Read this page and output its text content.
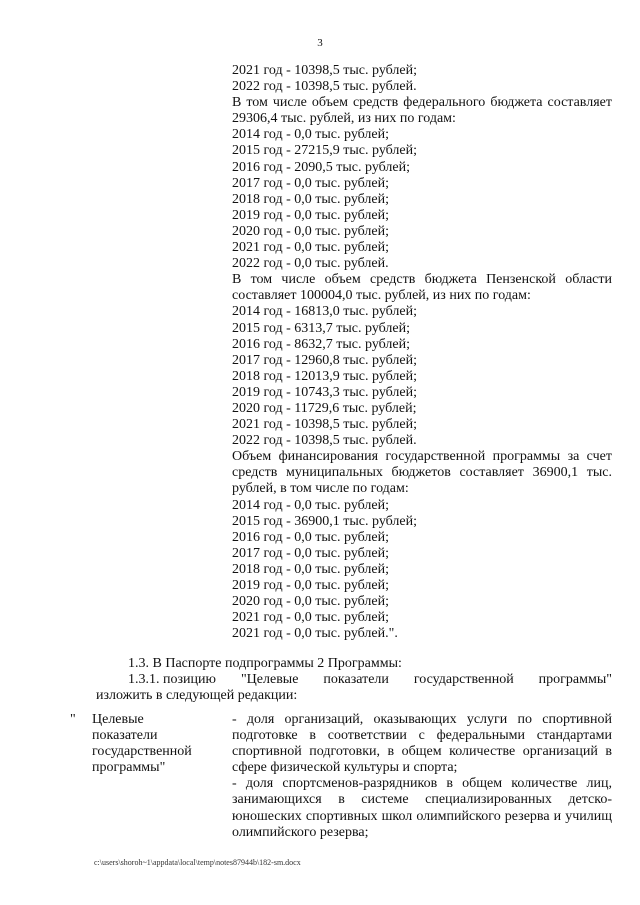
3
2021 год - 10398,5 тыс. рублей;
2022 год - 10398,5 тыс. рублей.
В том числе объем средств федерального бюджета составляет 29306,4 тыс. рублей, из них по годам:
2014 год - 0,0 тыс. рублей;
2015 год - 27215,9 тыс. рублей;
2016 год - 2090,5 тыс. рублей;
2017 год - 0,0 тыс. рублей;
2018 год - 0,0 тыс. рублей;
2019 год - 0,0 тыс. рублей;
2020 год - 0,0 тыс. рублей;
2021 год - 0,0 тыс. рублей;
2022 год - 0,0 тыс. рублей.
В том числе объем средств бюджета Пензенской области составляет 100004,0 тыс. рублей, из них по годам:
2014 год - 16813,0 тыс. рублей;
2015 год - 6313,7 тыс. рублей;
2016 год - 8632,7 тыс. рублей;
2017 год - 12960,8 тыс. рублей;
2018 год - 12013,9 тыс. рублей;
2019 год - 10743,3 тыс. рублей;
2020 год - 11729,6 тыс. рублей;
2021 год - 10398,5 тыс. рублей;
2022 год - 10398,5 тыс. рублей.
Объем финансирования государственной программы за счет средств муниципальных бюджетов составляет 36900,1 тыс. рублей, в том числе по годам:
2014 год - 0,0 тыс. рублей;
2015 год - 36900,1 тыс. рублей;
2016 год - 0,0 тыс. рублей;
2017 год - 0,0 тыс. рублей;
2018 год - 0,0 тыс. рублей;
2019 год - 0,0 тыс. рублей;
2020 год - 0,0 тыс. рублей;
2021 год - 0,0 тыс. рублей;
2021 год - 0,0 тыс. рублей.".
1.3. В Паспорте подпрограммы 2 Программы:
1.3.1. позицию "Целевые показатели государственной программы"
изложить в следующей редакции:
"	Целевые
показатели
государственной
программы"
- доля организаций, оказывающих услуги по спортивной подготовке в соответствии с федеральными стандартами спортивной подготовки, в общем количестве организаций в сфере физической культуры и спорта;
- доля спортсменов-разрядников в общем количестве лиц, занимающихся в системе специализированных детско-юношеских спортивных школ олимпийского резерва и училищ олимпийского резерва;
c:\users\shoroh~1\appdata\local\temp\notes87944b\182-sm.docx
